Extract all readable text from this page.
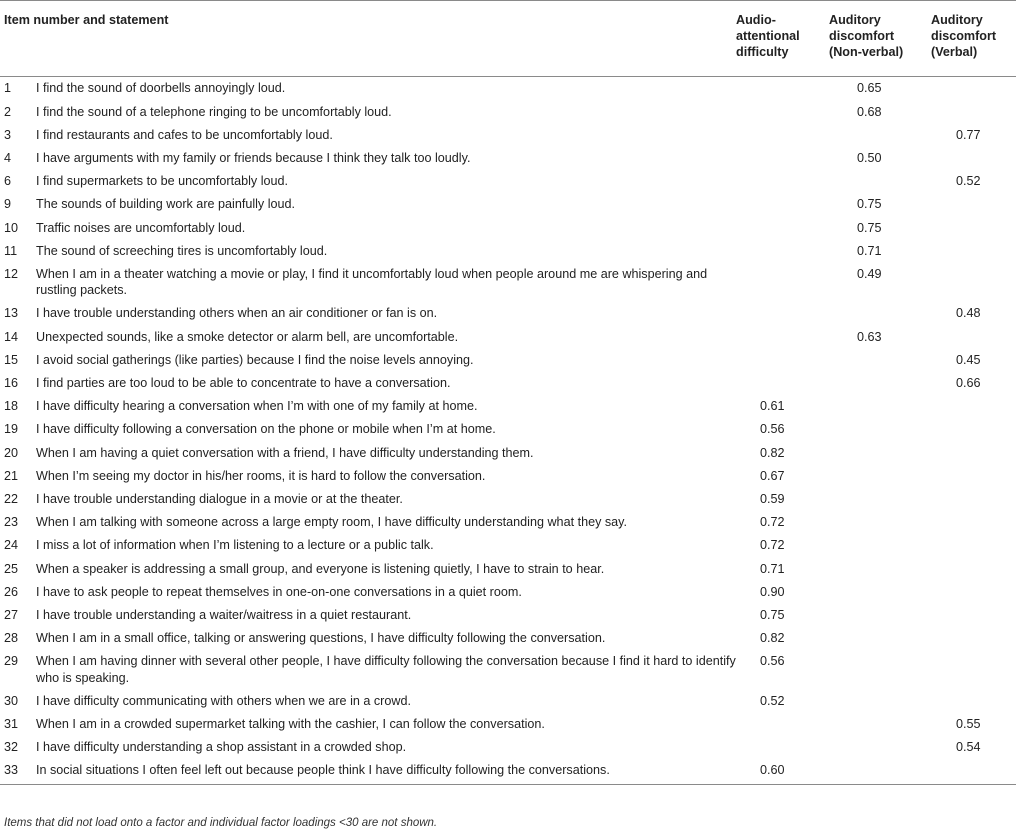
Item number and statement		Audio-
attentional
difficulty	Auditory
discomfort
(Non-verbal)	Auditory
discomfort
(Verbal)
1	I find the sound of doorbells annoyingly loud.		0.65	
2	I find the sound of a telephone ringing to be uncomfortably loud.		0.68	
3	I find restaurants and cafes to be uncomfortably loud.			0.77
4	I have arguments with my family or friends because I think they talk too loudly.		0.50	
6	I find supermarkets to be uncomfortably loud.			0.52
9	The sounds of building work are painfully loud.		0.75	
10	Traffic noises are uncomfortably loud.		0.75	
11	The sound of screeching tires is uncomfortably loud.		0.71	
12	When I am in a theater watching a movie or play, I find it uncomfortably loud when people around me are whispering and rustling packets.		0.49	
13	I have trouble understanding others when an air conditioner or fan is on.			0.48
14	Unexpected sounds, like a smoke detector or alarm bell, are uncomfortable.		0.63	
15	I avoid social gatherings (like parties) because I find the noise levels annoying.			0.45
16	I find parties are too loud to be able to concentrate to have a conversation.			0.66
18	I have difficulty hearing a conversation when I’m with one of my family at home.	0.61		
19	I have difficulty following a conversation on the phone or mobile when I’m at home.	0.56		
20	When I am having a quiet conversation with a friend, I have difficulty understanding them.	0.82		
21	When I’m seeing my doctor in his/her rooms, it is hard to follow the conversation.	0.67		
22	I have trouble understanding dialogue in a movie or at the theater.	0.59		
23	When I am talking with someone across a large empty room, I have difficulty understanding what they say.	0.72		
24	I miss a lot of information when I’m listening to a lecture or a public talk.	0.72		
25	When a speaker is addressing a small group, and everyone is listening quietly, I have to strain to hear.	0.71		
26	I have to ask people to repeat themselves in one-on-one conversations in a quiet room.	0.90		
27	I have trouble understanding a waiter/waitress in a quiet restaurant.	0.75		
28	When I am in a small office, talking or answering questions, I have difficulty following the conversation.	0.82		
29	When I am having dinner with several other people, I have difficulty following the conversation because I find it hard to identify who is speaking.	0.56		
30	I have difficulty communicating with others when we are in a crowd.	0.52		
31	When I am in a crowded supermarket talking with the cashier, I can follow the conversation.			0.55
32	I have difficulty understanding a shop assistant in a crowded shop.			0.54
33	In social situations I often feel left out because people think I have difficulty following the conversations.	0.60		
Items that did not load onto a factor and individual factor loadings <30 are not shown.
